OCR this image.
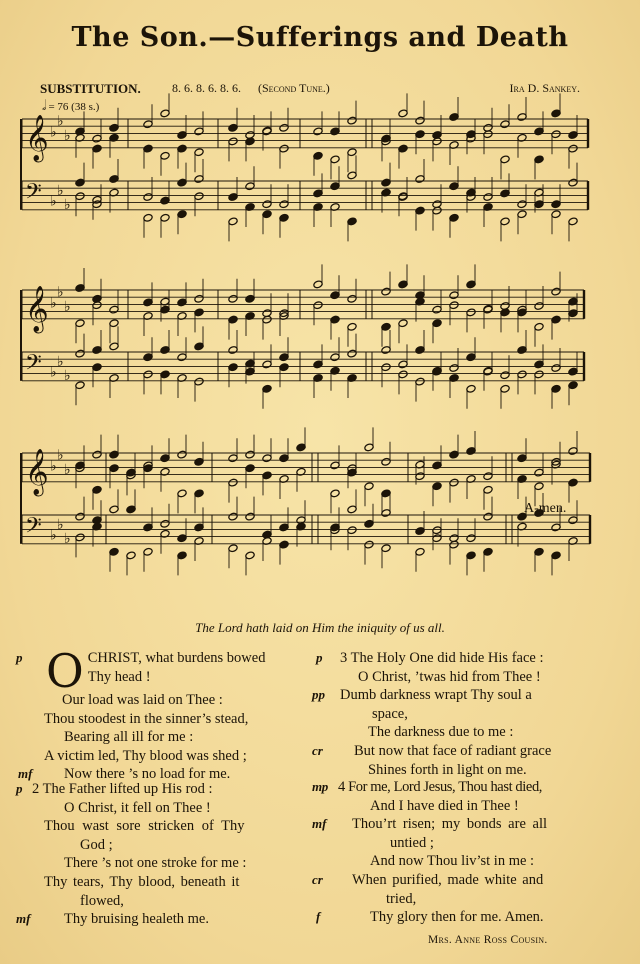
The Son.—Sufferings and Death
SUBSTITUTION.	8. 6. 8. 6. 8. 6. (Second Tune.)	Ira D. Sankey.
𝅗𝅥 = 76 (38 s.)
𝄞 ♭
♭
♭
𝄢 ♭
♭
♭
𝄞 ♭
♭
♭
𝄢 ♭
♭
♭
𝄞 ♭
♭
♭
𝄢 ♭
♭
♭
A-men.
The Lord hath laid on Him the iniquity of us all.
O
p	CHRIST, what burdens bowed
Thy head !
Our load was laid on Thee :
Thou stoodest in the sinner’s stead,
Bearing all ill for me :
A victim led, Thy blood was shed ;
mf Now there ’s no load for me.
p 2 The Father lifted up His rod :
O Christ, it fell on Thee !
Thou wast sore stricken of Thy
God ;
There ’s not one stroke for me :
Thy tears, Thy blood, beneath it
flowed,
mf Thy bruising healeth me.
p 3 The Holy One did hide His face :
O Christ, ’twas hid from Thee !
pp Dumb darkness wrapt Thy soul a
space,
The darkness due to me :
cr But now that face of radiant grace
Shines forth in light on me.
mp 4 For me, Lord Jesus, Thou hast died,
And I have died in Thee !
mf Thou’rt risen; my bonds are all
untied ;
And now Thou liv’st in me :
cr When purified, made white and
tried,
f	Thy glory then for me. Amen.
Mrs. Anne Ross Cousin.
